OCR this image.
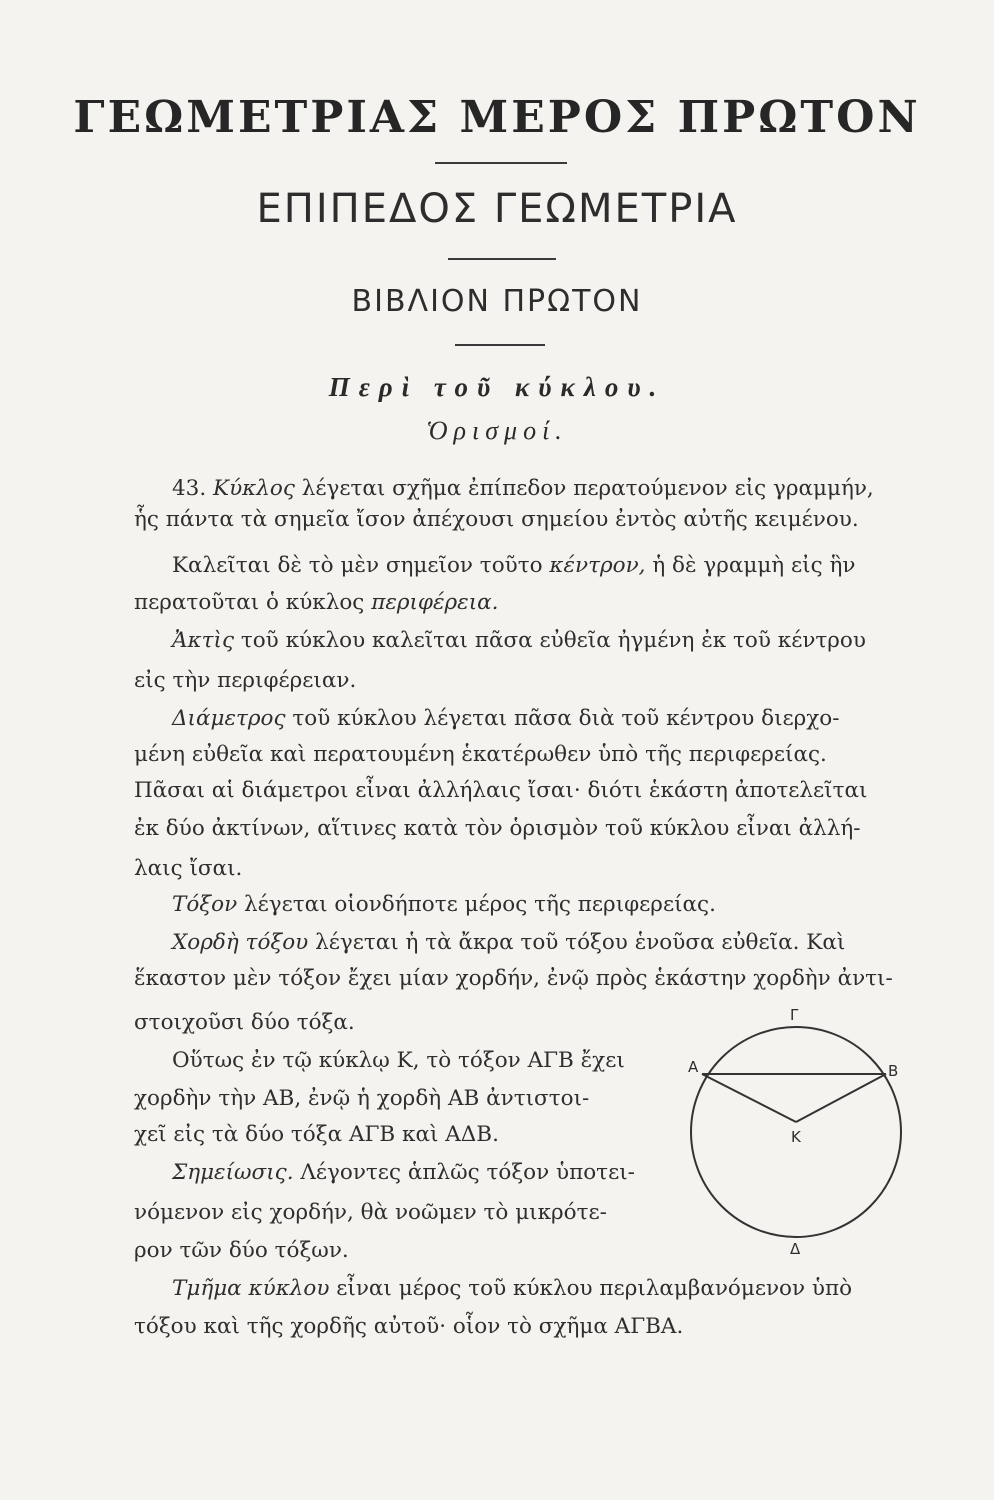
ΓΕΩΜΕΤΡΙΑΣ ΜΕΡΟΣ ΠΡΩΤΟΝ
ΕΠΙΠΕΔΟΣ ΓΕΩΜΕΤΡΙΑ
ΒΙΒΛΙΟΝ ΠΡΩΤΟΝ
Περὶ τοῦ κύκλου.
Ὁρισμοί.
43. Κύκλος λέγεται σχῆμα ἐπίπεδον περατούμενον εἰς γραμμήν,
ἧς πάντα τὰ σημεῖα ἴσον ἀπέχουσι σημείου ἐντὸς αὐτῆς κειμένου.
Καλεῖται δὲ τὸ μὲν σημεῖον τοῦτο κέντρον, ἡ δὲ γραμμὴ εἰς ἣν
περατοῦται ὁ κύκλος περιφέρεια.
Ἀκτὶς τοῦ κύκλου καλεῖται πᾶσα εὐθεῖα ἠγμένη ἐκ τοῦ κέντρου
εἰς τὴν περιφέρειαν.
Διάμετρος τοῦ κύκλου λέγεται πᾶσα διὰ τοῦ κέντρου διερχο-
μένη εὐθεῖα καὶ περατουμένη ἑκατέρωθεν ὑπὸ τῆς περιφερείας.
Πᾶσαι αἱ διάμετροι εἶναι ἀλλήλαις ἴσαι· διότι ἑκάστη ἀποτελεῖται
ἐκ δύο ἀκτίνων, αἵτινες κατὰ τὸν ὁρισμὸν τοῦ κύκλου εἶναι ἀλλή-
λαις ἴσαι.
Τόξον λέγεται οἱονδήποτε μέρος τῆς περιφερείας.
Χορδὴ τόξου λέγεται ἡ τὰ ἄκρα τοῦ τόξου ἑνοῦσα εὐθεῖα. Καὶ
ἕκαστον μὲν τόξον ἔχει μίαν χορδήν, ἐνῷ πρὸς ἑκάστην χορδὴν ἀντι-
στοιχοῦσι δύο τόξα.
Οὕτως ἐν τῷ κύκλῳ Κ, τὸ τόξον ΑΓΒ ἔχει
χορδὴν τὴν ΑΒ, ἐνῷ ἡ χορδὴ ΑΒ ἀντιστοι-
χεῖ εἰς τὰ δύο τόξα ΑΓΒ καὶ ΑΔΒ.
Σημείωσις. Λέγοντες ἁπλῶς τόξον ὑποτει-
νόμενον εἰς χορδήν, θὰ νοῶμεν τὸ μικρότε-
ρον τῶν δύο τόξων.
Τμῆμα κύκλου εἶναι μέρος τοῦ κύκλου περιλαμβανόμενον ὑπὸ
τόξου καὶ τῆς χορδῆς αὐτοῦ· οἷον τὸ σχῆμα ΑΓΒΑ.
Γ
Α	Β
Κ
Δ
